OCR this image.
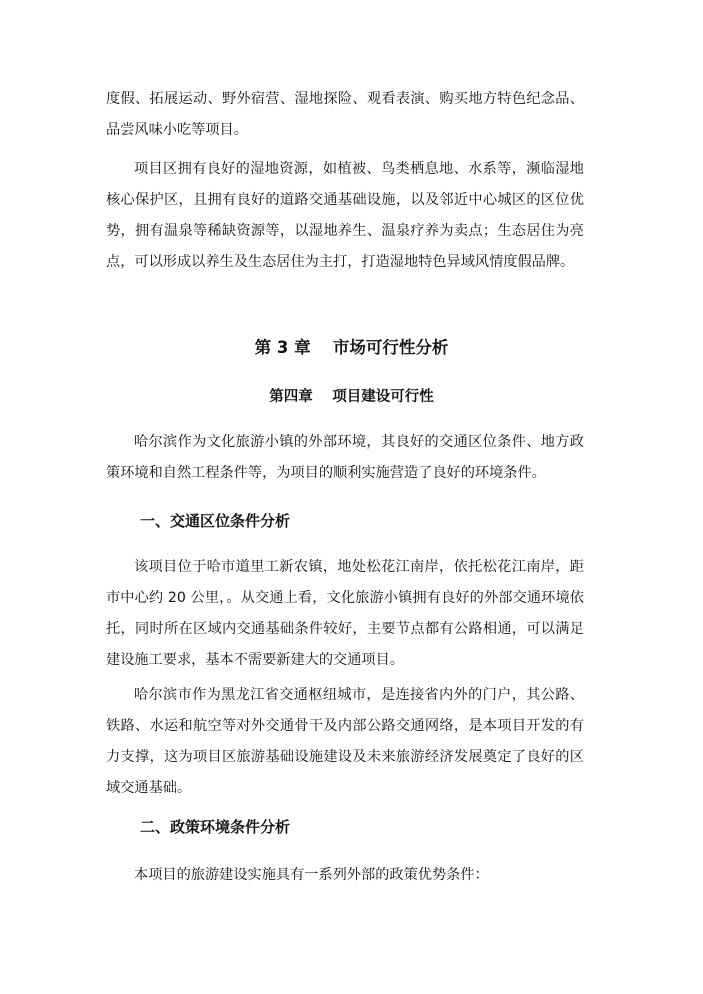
度假、拓展运动、野外宿营、湿地探险、观看表演、购买地方特色纪念品、品尝风味小吃等项目。

项目区拥有良好的湿地资源，如植被、鸟类栖息地、水系等，濒临湿地核心保护区，且拥有良好的道路交通基础设施，以及邻近中心城区的区位优势，拥有温泉等稀缺资源等，以湿地养生、温泉疗养为卖点；生态居住为亮点，可以形成以养生及生态居住为主打，打造湿地特色异域风情度假品牌。

第 3 章　 市场可行性分析
第四章　 项目建设可行性

哈尔滨作为文化旅游小镇的外部环境，其良好的交通区位条件、地方政策环境和自然工程条件等，为项目的顺利实施营造了良好的环境条件。

一、交通区位条件分析

该项目位于哈市道里工新农镇，地处松花江南岸，依托松花江南岸，距市中心约 20 公里，。从交通上看，文化旅游小镇拥有良好的外部交通环境依托，同时所在区域内交通基础条件较好，主要节点都有公路相通，可以满足建设施工要求，基本不需要新建大的交通项目。

哈尔滨市作为黑龙江省交通枢纽城市，是连接省内外的门户，其公路、铁路、水运和航空等对外交通骨干及内部公路交通网络，是本项目开发的有力支撑，这为项目区旅游基础设施建设及未来旅游经济发展奠定了良好的区域交通基础。

二、政策环境条件分析

本项目的旅游建设实施具有一系列外部的政策优势条件：
